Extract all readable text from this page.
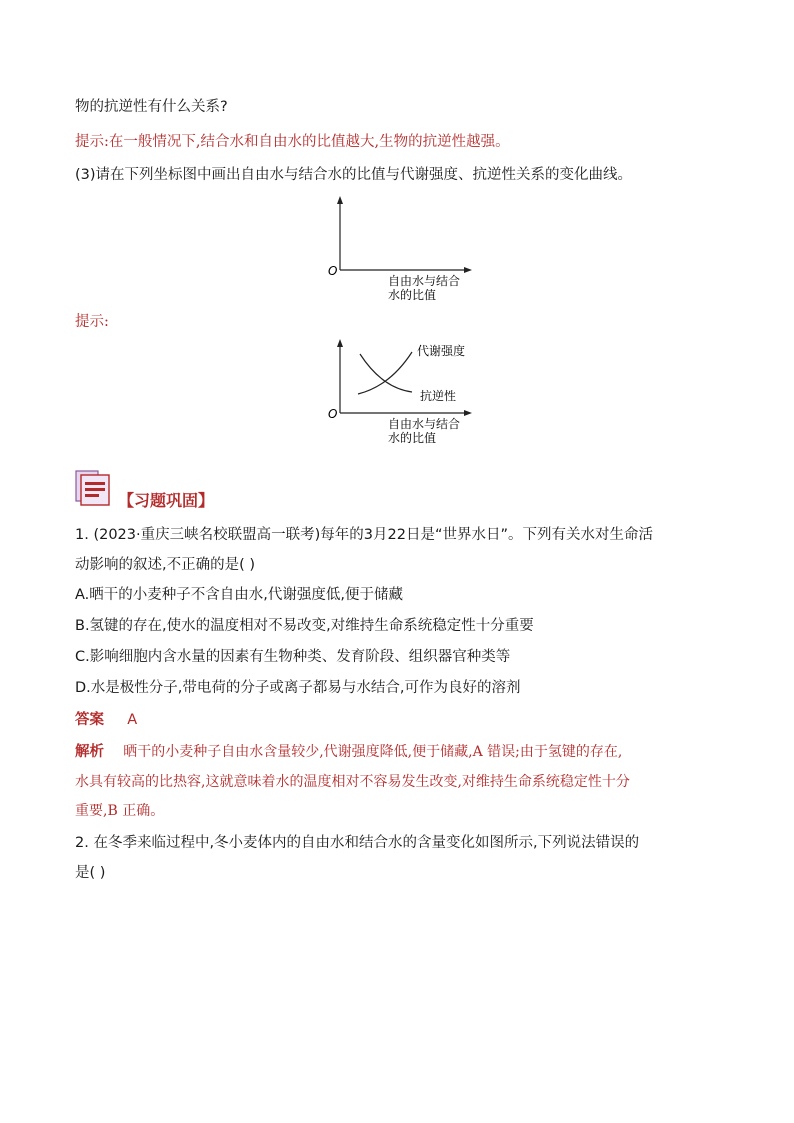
物的抗逆性有什么关系?
提示:在一般情况下,结合水和自由水的比值越大,生物的抗逆性越强。
(3)请在下列坐标图中画出自由水与结合水的比值与代谢强度、抗逆性关系的变化曲线。
O
自由水与结合
水的比值
提示:
代谢强度
抗逆性
O
自由水与结合
水的比值
【习题巩固】
1. (2023·重庆三峡名校联盟高一联考)每年的3月22日是“世界水日”。下列有关水对生命活
动影响的叙述,不正确的是( )
A.晒干的小麦种子不含自由水,代谢强度低,便于储藏
B.氢键的存在,使水的温度相对不易改变,对维持生命系统稳定性十分重要
C.影响细胞内含水量的因素有生物种类、发育阶段、组织器官种类等
D.水是极性分子,带电荷的分子或离子都易与水结合,可作为良好的溶剂
答案 A
解析 晒干的小麦种子自由水含量较少,代谢强度降低,便于储藏,A 错误;由于氢键的存在,
水具有较高的比热容,这就意味着水的温度相对不容易发生改变,对维持生命系统稳定性十分
重要,B 正确。
2. 在冬季来临过程中,冬小麦体内的自由水和结合水的含量变化如图所示,下列说法错误的
是( )
